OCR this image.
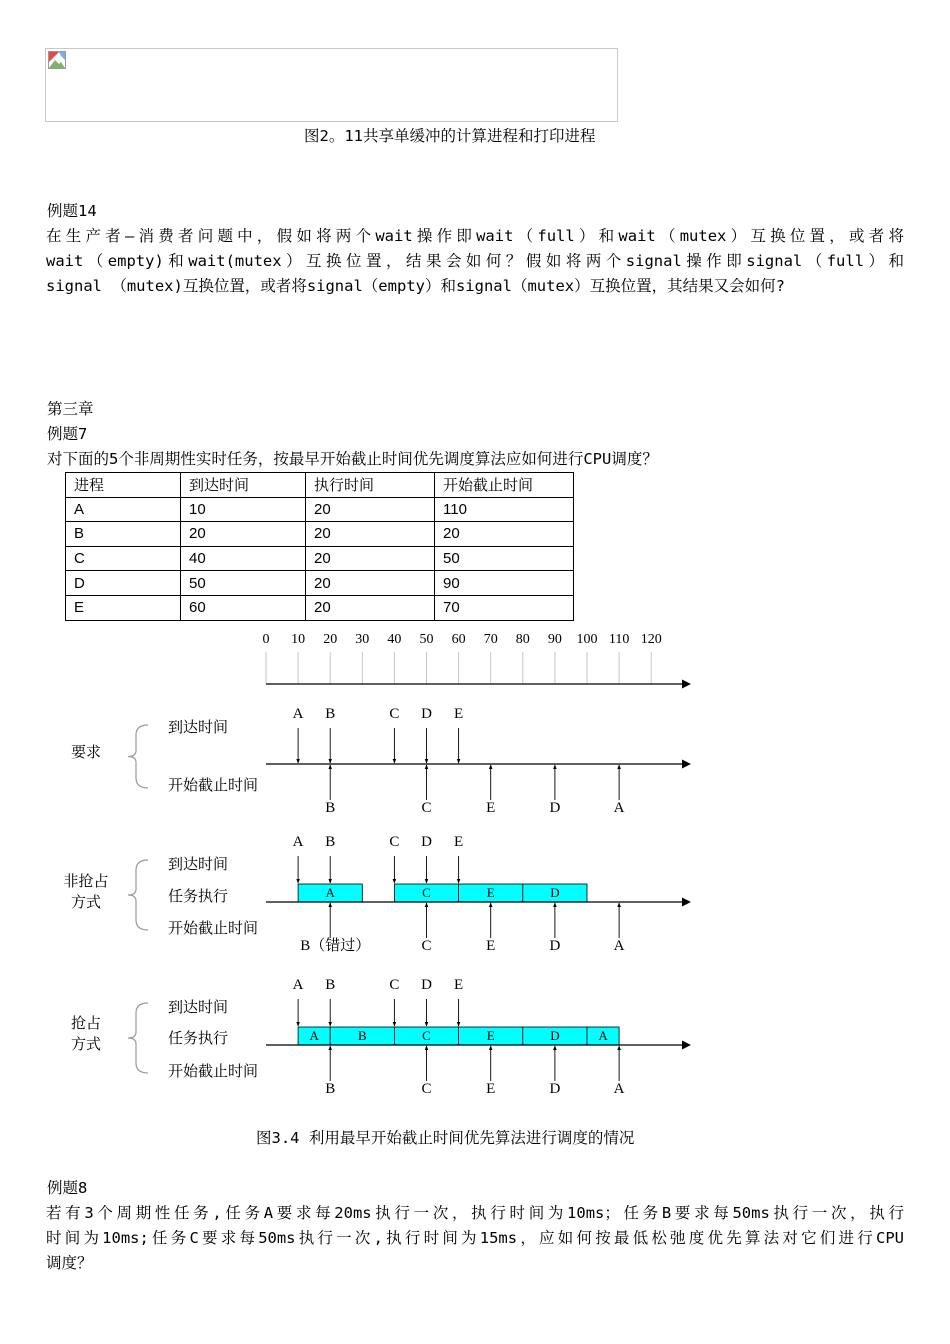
图2。11共享单缓冲的计算进程和打印进程
例题14
在生产者—消费者问题中，假如将两个wait操作即wait（full）和wait（mutex）互换位置，或者将
wait（empty)和wait(mutex）互换位置，结果会如何？假如将两个signal操作即signal（full）和
signal （mutex)互换位置，或者将signal（empty）和signal（mutex）互换位置，其结果又会如何?
第三章
例题7
对下面的5个非周期性实时任务，按最早开始截止时间优先调度算法应如何进行CPU调度？
进程	到达时间	执行时间	开始截止时间
A	10	20	110
B	20	20	20
C	40	20	50
D	50	20	90
E	60	20	70
0 10 20 30 40 50 60 70 80 90 100 110 120
要求
到达时间
开始截止时间
A B	C D E
B	C	E	D	A
非抢占
方式
到达时间
任务执行
开始截止时间
A	C	E	D
A B	C D E
B（错过）	C	E	D	A
抢占
方式
到达时间
任务执行
开始截止时间
A	B	C	E	D	A
A B	C D E
B	C	E	D	A
图3.4 利用最早开始截止时间优先算法进行调度的情况
例题8
若有3个周期性任务,任务A要求每20ms执行一次，执行时间为10ms；任务B要求每50ms执行一次，执行
时间为10ms;任务C要求每50ms执行一次,执行时间为15ms，应如何按最低松弛度优先算法对它们进行CPU
调度？
